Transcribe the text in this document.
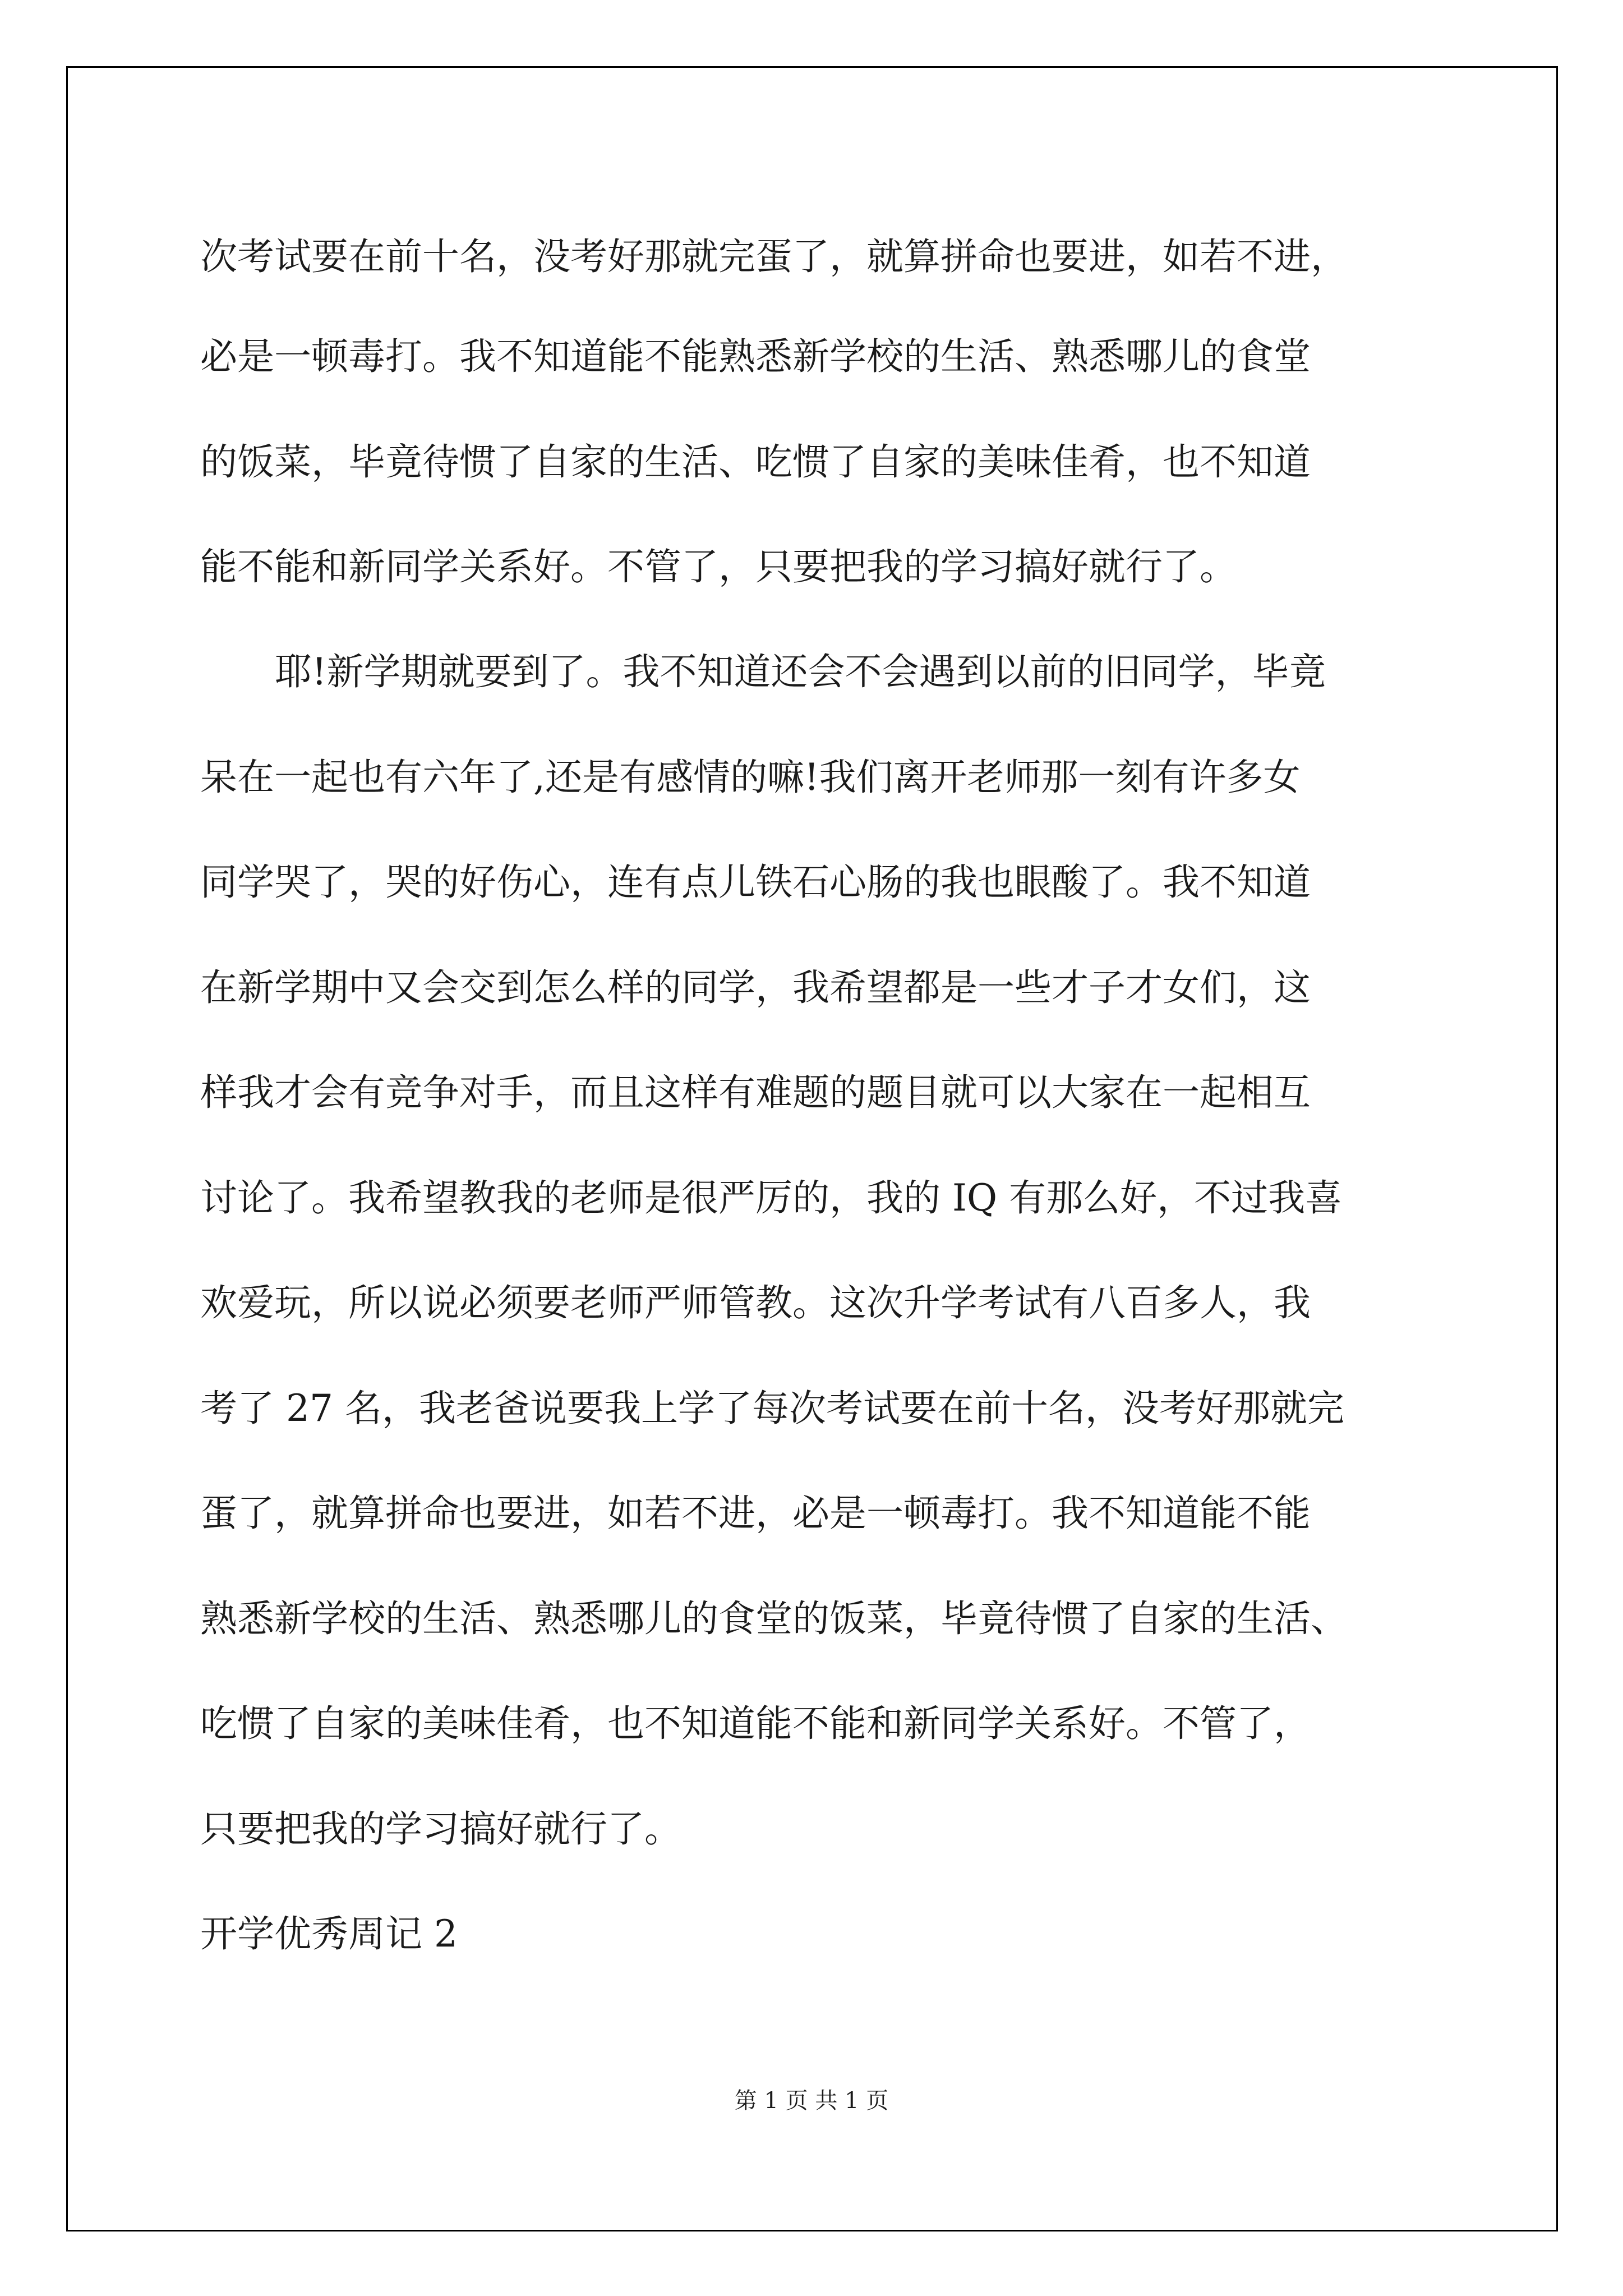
次考试要在前十名，没考好那就完蛋了，就算拼命也要进，如若不进，
必是一顿毒打。我不知道能不能熟悉新学校的生活、熟悉哪儿的食堂
的饭菜，毕竟待惯了自家的生活、吃惯了自家的美味佳肴，也不知道
能不能和新同学关系好。不管了，只要把我的学习搞好就行了。
耶!新学期就要到了。我不知道还会不会遇到以前的旧同学，毕竟
呆在一起也有六年了,还是有感情的嘛!我们离开老师那一刻有许多女
同学哭了，哭的好伤心，连有点儿铁石心肠的我也眼酸了。我不知道
在新学期中又会交到怎么样的同学，我希望都是一些才子才女们，这
样我才会有竞争对手，而且这样有难题的题目就可以大家在一起相互
讨论了。我希望教我的老师是很严厉的，我的 IQ 有那么好，不过我喜
欢爱玩，所以说必须要老师严师管教。这次升学考试有八百多人，我
考了 27 名，我老爸说要我上学了每次考试要在前十名，没考好那就完
蛋了，就算拼命也要进，如若不进，必是一顿毒打。我不知道能不能
熟悉新学校的生活、熟悉哪儿的食堂的饭菜，毕竟待惯了自家的生活、
吃惯了自家的美味佳肴，也不知道能不能和新同学关系好。不管了，
只要把我的学习搞好就行了。
开学优秀周记 2
第 1 页 共 1 页
